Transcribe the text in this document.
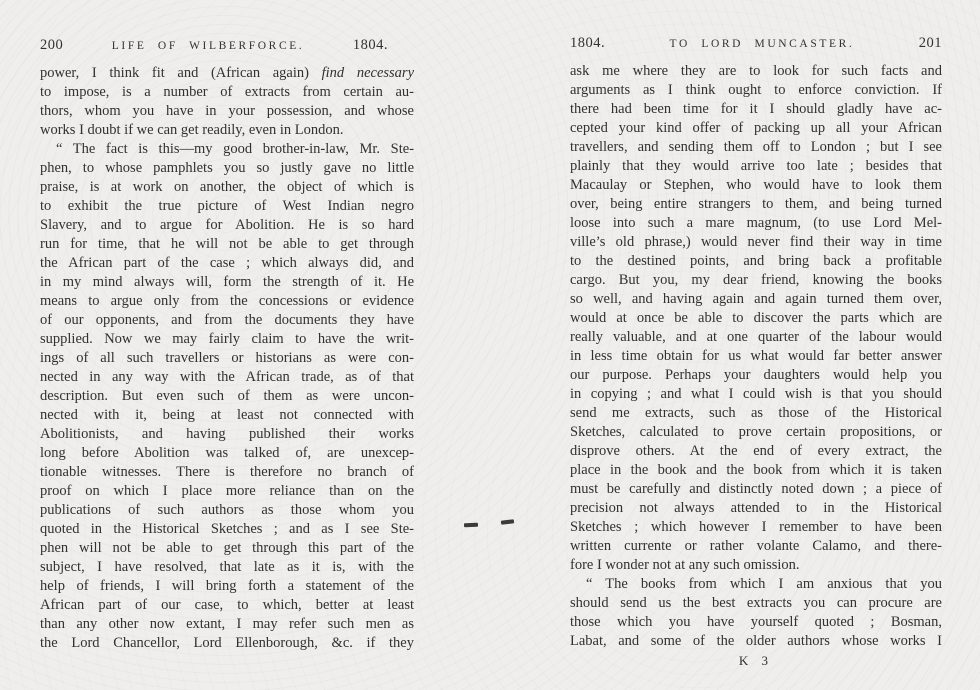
200	LIFE OF WILBERFORCE.	1804.
power, I think fit and (African again) find necessary
to impose, is a number of extracts from certain au-
thors, whom you have in your possession, and whose
works I doubt if we can get readily, even in London.
“ The fact is this—my good brother-in-law, Mr. Ste-
phen, to whose pamphlets you so justly gave no little
praise, is at work on another, the object of which is
to exhibit the true picture of West Indian negro
Slavery, and to argue for Abolition. He is so hard
run for time, that he will not be able to get through
the African part of the case ; which always did, and
in my mind always will, form the strength of it. He
means to argue only from the concessions or evidence
of our opponents, and from the documents they have
supplied. Now we may fairly claim to have the writ-
ings of all such travellers or historians as were con-
nected in any way with the African trade, as of that
description. But even such of them as were uncon-
nected with it, being at least not connected with
Abolitionists, and having published their works
long before Abolition was talked of, are unexcep-
tionable witnesses. There is therefore no branch of
proof on which I place more reliance than on the
publications of such authors as those whom you
quoted in the Historical Sketches ; and as I see Ste-
phen will not be able to get through this part of the
subject, I have resolved, that late as it is, with the
help of friends, I will bring forth a statement of the
African part of our case, to which, better at least
than any other now extant, I may refer such men as
the Lord Chancellor, Lord Ellenborough, &c. if they
1804.	TO LORD MUNCASTER.	201
ask me where they are to look for such facts and
arguments as I think ought to enforce conviction. If
there had been time for it I should gladly have ac-
cepted your kind offer of packing up all your African
travellers, and sending them off to London ; but I see
plainly that they would arrive too late ; besides that
Macaulay or Stephen, who would have to look them
over, being entire strangers to them, and being turned
loose into such a mare magnum, (to use Lord Mel-
ville’s old phrase,) would never find their way in time
to the destined points, and bring back a profitable
cargo. But you, my dear friend, knowing the books
so well, and having again and again turned them over,
would at once be able to discover the parts which are
really valuable, and at one quarter of the labour would
in less time obtain for us what would far better answer
our purpose. Perhaps your daughters would help you
in copying ; and what I could wish is that you should
send me extracts, such as those of the Historical
Sketches, calculated to prove certain propositions, or
disprove others. At the end of every extract, the
place in the book and the book from which it is taken
must be carefully and distinctly noted down ; a piece of
precision not always attended to in the Historical
Sketches ; which however I remember to have been
written currente or rather volante Calamo, and there-
fore I wonder not at any such omission.
“ The books from which I am anxious that you
should send us the best extracts you can procure are
those which you have yourself quoted ; Bosman,
Labat, and some of the older authors whose works I
K 3
